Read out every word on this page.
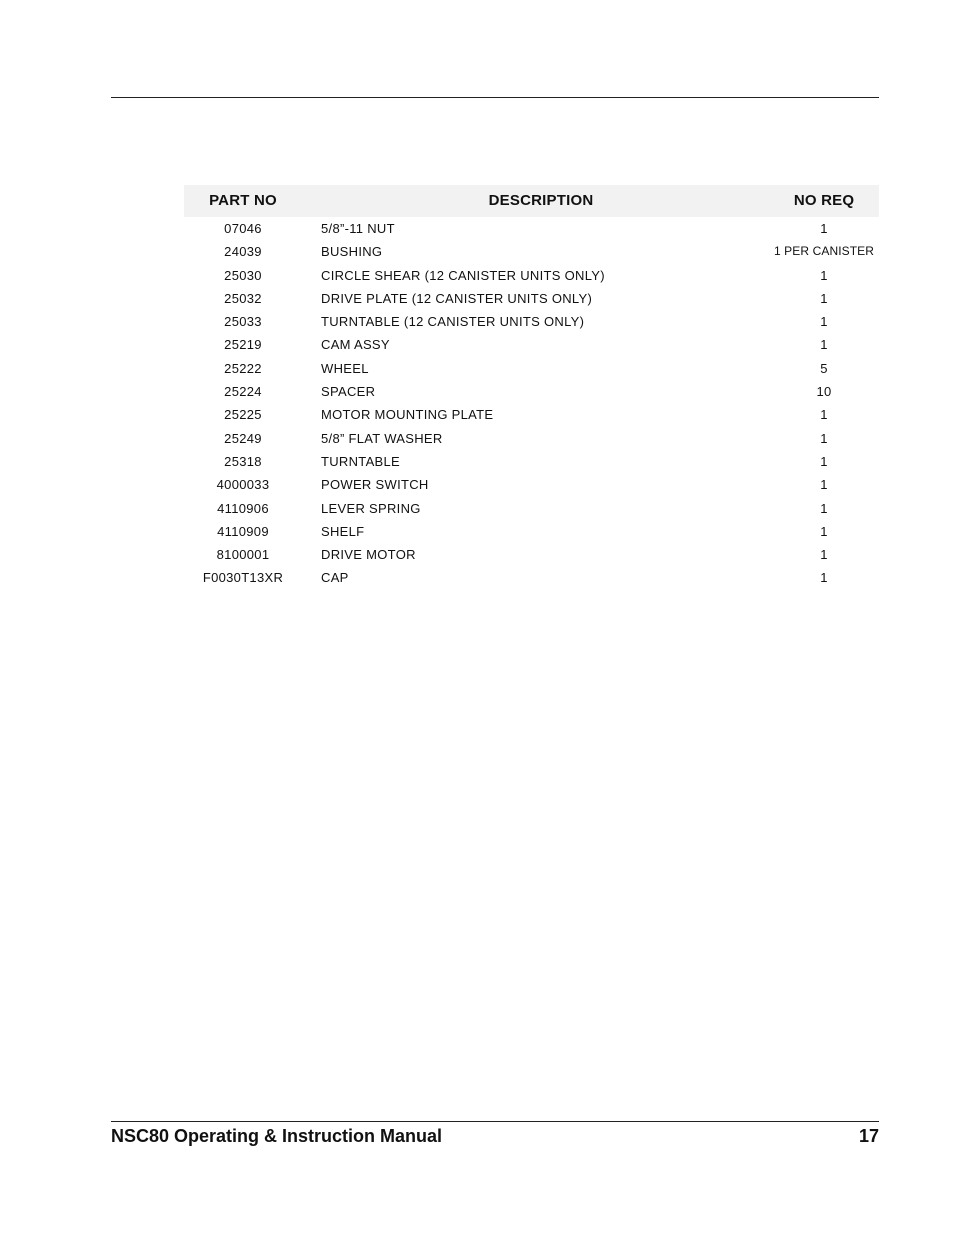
PART NO	DESCRIPTION	NO REQ
07046	5/8”-11 NUT	1
24039	BUSHING	1 PER CANISTER
25030	CIRCLE SHEAR (12 CANISTER UNITS ONLY)	1
25032	DRIVE PLATE (12 CANISTER UNITS ONLY)	1
25033	TURNTABLE (12 CANISTER UNITS ONLY)	1
25219	CAM ASSY	1
25222	WHEEL	5
25224	SPACER	10
25225	MOTOR MOUNTING PLATE	1
25249	5/8” FLAT WASHER	1
25318	TURNTABLE	1
4000033	POWER SWITCH	1
4110906	LEVER SPRING	1
4110909	SHELF	1
8100001	DRIVE MOTOR	1
F0030T13XR	CAP	1
NSC80 Operating & Instruction Manual	17
